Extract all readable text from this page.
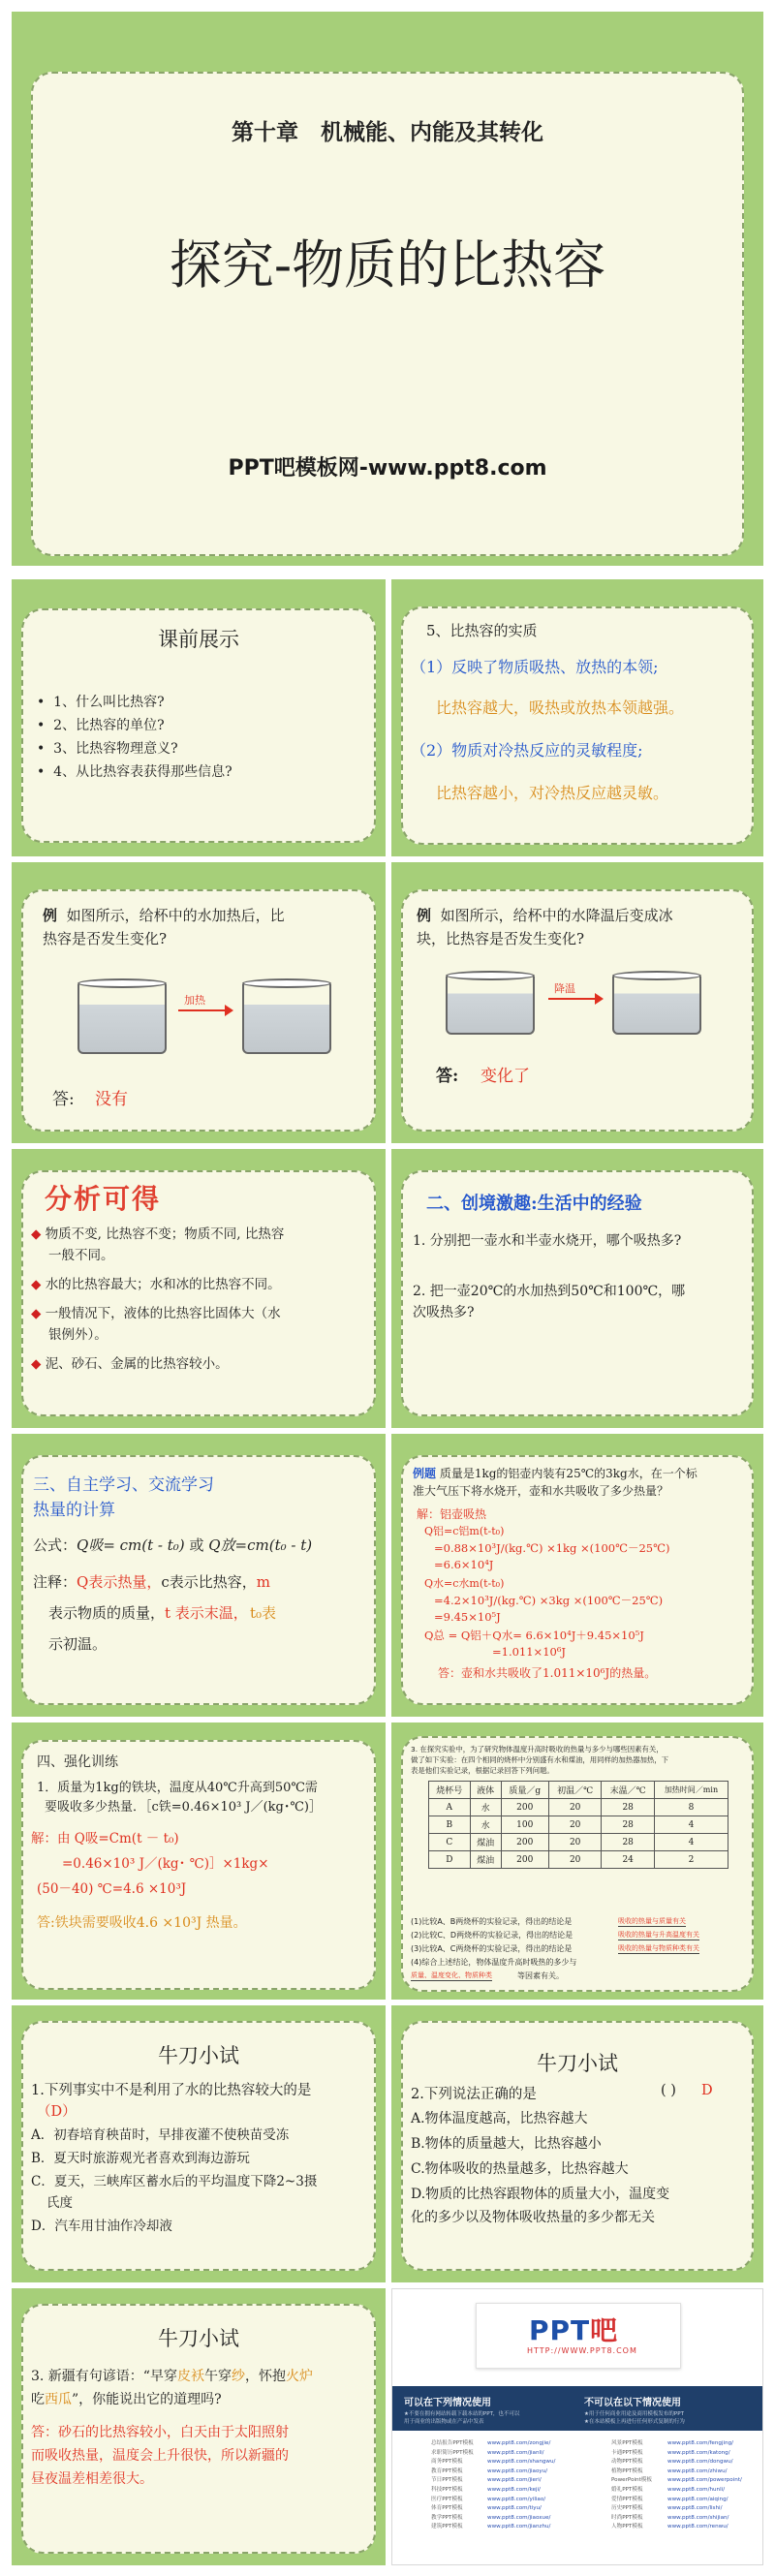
第十章　机械能、内能及其转化
探究-物质的比热容
PPT吧模板网-www.ppt8.com
课前展示
•  1、什么叫比热容?
•  2、比热容的单位?
•  3、比热容物理意义?
•  4、从比热容表获得那些信息?
5、比热容的实质
（1）反映了物质吸热、放热的本领;
比热容越大，吸热或放热本领越强。
（2）物质对冷热反应的灵敏程度;
比热容越小，对冷热反应越灵敏。
例 如图所示，给杯中的水加热后，比
热容是否发生变化?
加热
答: 没有
例 如图所示，给杯中的水降温后变成冰
块，比热容是否发生变化?
降温
答: 变化了
分析可得
◆ 物质不变, 比热容不变；物质不同, 比热容
一般不同。
◆ 水的比热容最大；水和冰的比热容不同。
◆ 一般情况下，液体的比热容比固体大（水
银例外）。
◆ 泥、砂石、金属的比热容较小。
二、创境激趣:生活中的经验
1. 分别把一壶水和半壶水烧开，哪个吸热多?
2. 把一壶20℃的水加热到50℃和100℃，哪
次吸热多?
三、自主学习、交流学习
热量的计算
公式：Q吸= cm(t - t₀) 或 Q放=cm(t₀ - t)
注释：Q表示热量，c表示比热容，m
表示物质的质量，t 表示末温， t₀表
示初温。
例题 质量是1kg的铝壶内装有25℃的3kg水，在一个标
准大气压下将水烧开，壶和水共吸收了多少热量？
解：铝壶吸热
Q铝=c铝m(t-t₀)
=0.88×10³J/(kg.℃) ×1kg ×(100℃－25℃)
=6.6×10⁴J
Q水=c水m(t-t₀)
=4.2×10³J/(kg.℃) ×3kg ×(100℃－25℃)
=9.45×10⁵J
Q总 = Q铝＋Q水= 6.6×10⁴J＋9.45×10⁵J
=1.011×10⁶J
答：壶和水共吸收了1.011×10⁶J的热量。
四、强化训练
1．质量为1kg的铁块，温度从40℃升高到50℃需
要吸收多少热量．［c铁=0.46×10³ J／(kg･℃)］
解：由 Q吸=Cm(t － t₀)
=0.46×10³ J／(kg･ ℃)］×1kg×
(50－40) ℃=4.6 ×10³J
答:铁块需要吸收4.6 ×10³J 热量。
3. 在探究实验中，为了研究物体温度升高时吸收的热量与多少与哪些因素有关，
做了如下实验：在四个相同的烧杯中分别盛有水和煤油，用同样的加热器加热，下
表是他们实验记录，根据记录回答下列问题。
烧杯号	液体	质量／g	初温／℃	末温／℃	加热时间／min
A	水	200	20	28	8
B	水	100	20	28	4
C	煤油	200	20	28	4
D	煤油	200	20	24	2
(1)比较A、B两烧杯的实验记录，得出的结论是	吸收的热量与质量有关
(2)比较C、D两烧杯的实验记录，得出的结论是	吸收的热量与升高温度有关
(3)比较A、C两烧杯的实验记录，得出的结论是	吸收的热量与物质种类有关
(4)综合上述结论，物体温度升高时吸热的多少与
质量、温度变化、物质种类	等因素有关。
牛刀小试
1.下列事实中不是利用了水的比热容较大的是
（D）
A．初春培育秧苗时，早排夜灌不使秧苗受冻
B．夏天时旅游观光者喜欢到海边游玩
C．夏天，三峡库区蓄水后的平均温度下降2~3摄
氏度
D．汽车用甘油作冷却液
牛刀小试
2.下列说法正确的是	( ) D
A.物体温度越高，比热容越大
B.物体的质量越大，比热容越小
C.物体吸收的热量越多，比热容越大
D.物质的比热容跟物体的质量大小，温度变
化的多少以及物体吸收热量的多少都无关
牛刀小试
3. 新疆有句谚语：“早穿皮袄午穿纱，怀抱火炉
吃西瓜”，你能说出它的道理吗?
答：砂石的比热容较小，白天由于太阳照射
而吸收热量，温度会上升很快，所以新疆的
昼夜温差相差很大。
PPT吧
HTTP://WWW.PPT8.COM
可以在下列情况使用	不可以在以下情况使用
★不要在拥有网站转载下载本站的PPT，也不可以
用于商业的出版物或在产品中发表
★用于任何商业用途及商用模板发布的PPT
★在本站模板上再进行任何形式复制的行为
总结报告PPT模板	www.ppt8.com/zongjie/
求职简历PPT模板	www.ppt8.com/jianli/
商务PPT模板	www.ppt8.com/shangwu/
教育PPT模板	www.ppt8.com/jiaoyu/
节日PPT模板	www.ppt8.com/jieri/
科技PPT模板	www.ppt8.com/keji/
医疗PPT模板	www.ppt8.com/yiliao/
体育PPT模板	www.ppt8.com/tiyu/
教学PPT模板	www.ppt8.com/jiaoxue/
建筑PPT模板	www.ppt8.com/jianzhu/
风景PPT模板	www.ppt8.com/fengjing/
卡通PPT模板	www.ppt8.com/katong/
动物PPT模板	www.ppt8.com/dongwu/
植物PPT模板	www.ppt8.com/zhiwu/
PowerPoint模板	www.ppt8.com/powerpoint/
婚礼PPT模板	www.ppt8.com/hunli/
爱情PPT模板	www.ppt8.com/aiqing/
历史PPT模板	www.ppt8.com/lishi/
时尚PPT模板	www.ppt8.com/shijian/
人物PPT模板	www.ppt8.com/renwu/
